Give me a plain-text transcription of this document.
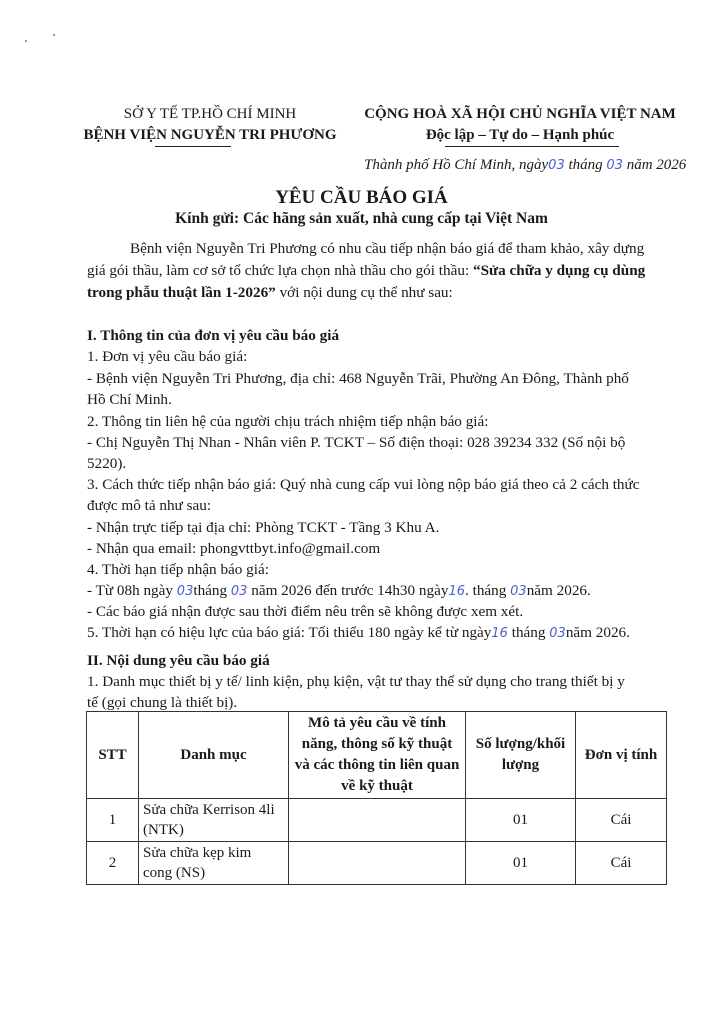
SỞ Y TẾ TP.HỒ CHÍ MINH
BỆNH VIỆN NGUYỄN TRI PHƯƠNG
CỘNG HOÀ XÃ HỘI CHỦ NGHĨA VIỆT NAM
Độc lập – Tự do – Hạnh phúc
Thành phố Hồ Chí Minh, ngày03 tháng 03 năm 2026
YÊU CẦU BÁO GIÁ
Kính gửi: Các hãng sản xuất, nhà cung cấp tại Việt Nam
Bệnh viện Nguyễn Tri Phương có nhu cầu tiếp nhận báo giá để tham khảo, xây dựng
giá gói thầu, làm cơ sở tổ chức lựa chọn nhà thầu cho gói thầu: “Sửa chữa y dụng cụ dùng
trong phẫu thuật lần 1-2026” với nội dung cụ thể như sau:
I. Thông tin của đơn vị yêu cầu báo giá
1. Đơn vị yêu cầu báo giá:
- Bệnh viện Nguyễn Tri Phương, địa chỉ: 468 Nguyễn Trãi, Phường An Đông, Thành phố
Hồ Chí Minh.
2. Thông tin liên hệ của người chịu trách nhiệm tiếp nhận báo giá:
- Chị Nguyễn Thị Nhan - Nhân viên P. TCKT – Số điện thoại: 028 39234 332 (Số nội bộ
5220).
3. Cách thức tiếp nhận báo giá: Quý nhà cung cấp vui lòng nộp báo giá theo cả 2 cách thức
được mô tả như sau:
- Nhận trực tiếp tại địa chỉ: Phòng TCKT - Tầng 3 Khu A.
- Nhận qua email: phongvttbyt.info@gmail.com
4. Thời hạn tiếp nhận báo giá:
- Từ 08h ngày 03tháng 03 năm 2026 đến trước 14h30 ngày16. tháng 03năm 2026.
- Các báo giá nhận được sau thời điểm nêu trên sẽ không được xem xét.
5. Thời hạn có hiệu lực của báo giá: Tối thiểu 180 ngày kể từ ngày16 tháng 03năm 2026.
II. Nội dung yêu cầu báo giá
1. Danh mục thiết bị y tế/ linh kiện, phụ kiện, vật tư thay thế sử dụng cho trang thiết bị y
tế (gọi chung là thiết bị).
STT	Danh mục	Mô tả yêu cầu về tính năng, thông số kỹ thuật và các thông tin liên quan về kỹ thuật	Số lượng/khối lượng	Đơn vị tính
1	Sửa chữa Kerrison 4li (NTK)		01	Cái
2	Sửa chữa kẹp kim cong (NS)		01	Cái
